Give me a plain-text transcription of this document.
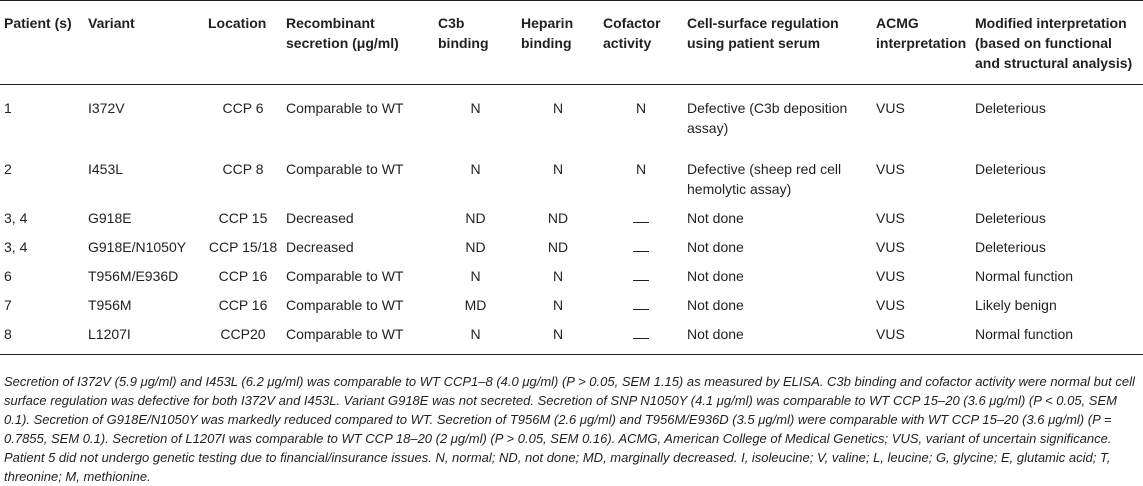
Patient (s)	Variant	Location	Recombinant secretion (μg/ml)	C3b binding	Heparin binding	Cofactor activity	Cell-surface regulation using patient serum	ACMG interpretation	Modified interpretation (based on functional and structural analysis)
1	I372V	CCP 6	Comparable to WT	N	N	N	Defective (C3b deposition assay)	VUS	Deleterious
2	I453L	CCP 8	Comparable to WT	N	N	N	Defective (sheep red cell hemolytic assay)	VUS	Deleterious
3, 4	G918E	CCP 15	Decreased	ND	ND		Not done	VUS	Deleterious
3, 4	G918E/N1050Y	CCP 15/18	Decreased	ND	ND		Not done	VUS	Deleterious
6	T956M/E936D	CCP 16	Comparable to WT	N	N		Not done	VUS	Normal function
7	T956M	CCP 16	Comparable to WT	MD	N		Not done	VUS	Likely benign
8	L1207I	CCP20	Comparable to WT	N	N		Not done	VUS	Normal function

Secretion of I372V (5.9 μg/ml) and I453L (6.2 μg/ml) was comparable to WT CCP1–8 (4.0 μg/ml) (P > 0.05, SEM 1.15) as measured by ELISA. C3b binding and cofactor activity were normal but cell surface regulation was defective for both I372V and I453L. Variant G918E was not secreted. Secretion of SNP N1050Y (4.1 μg/ml) was comparable to WT CCP 15–20 (3.6 μg/ml) (P < 0.05, SEM 0.1). Secretion of G918E/N1050Y was markedly reduced compared to WT. Secretion of T956M (2.6 μg/ml) and T956M/E936D (3.5 μg/ml) were comparable with WT CCP 15–20 (3.6 μg/ml) (P = 0.7855, SEM 0.1). Secretion of L1207I was comparable to WT CCP 18–20 (2 μg/ml) (P > 0.05, SEM 0.16). ACMG, American College of Medical Genetics; VUS, variant of uncertain significance. Patient 5 did not undergo genetic testing due to financial/insurance issues. N, normal; ND, not done; MD, marginally decreased. I, isoleucine; V, valine; L, leucine; G, glycine; E, glutamic acid; T, threonine; M, methionine.
